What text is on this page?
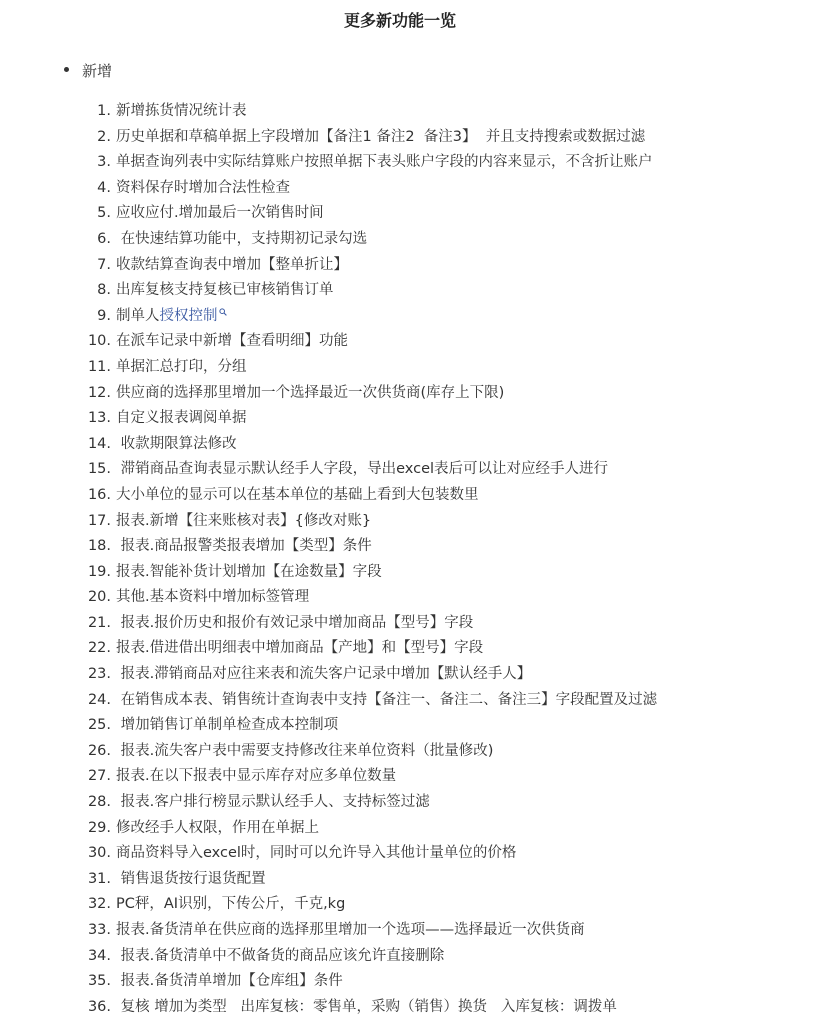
更多新功能一览
新增
1. 新增拣货情况统计表
2. 历史单据和草稿单据上字段增加【备注1 备注2  备注3】  并且支持搜索或数据过滤
3. 单据查询列表中实际结算账户按照单据下表头账户字段的内容来显示，不含折让账户
4. 资料保存时增加合法性检查
5. 应收应付.增加最后一次销售时间
6. 在快速结算功能中，支持期初记录勾选
7. 收款结算查询表中增加【整单折让】
8. 出库复核支持复核已审核销售订单
9. 制单人授权控制
10. 在派车记录中新增【查看明细】功能
11. 单据汇总打印，分组
12. 供应商的选择那里增加一个选择最近一次供货商(库存上下限)
13. 自定义报表调阅单据
14. 收款期限算法修改
15. 滞销商品查询表显示默认经手人字段，导出excel表后可以让对应经手人进行
16. 大小单位的显示可以在基本单位的基础上看到大包装数里
17. 报表.新增【往来账核对表】{修改对账}
18. 报表.商品报警类报表增加【类型】条件
19. 报表.智能补货计划增加【在途数量】字段
20. 其他.基本资料中增加标签管理
21. 报表.报价历史和报价有效记录中增加商品【型号】字段
22. 报表.借进借出明细表中增加商品【产地】和【型号】字段
23. 报表.滞销商品对应往来表和流失客户记录中增加【默认经手人】
24. 在销售成本表、销售统计查询表中支持【备注一、备注二、备注三】字段配置及过滤
25. 增加销售订单制单检查成本控制项
26. 报表.流失客户表中需要支持修改往来单位资料（批量修改)
27. 报表.在以下报表中显示库存对应多单位数量
28. 报表.客户排行榜显示默认经手人、支持标签过滤
29. 修改经手人权限，作用在单据上
30. 商品资料导入excel时，同时可以允许导入其他计量单位的价格
31. 销售退货按行退货配置
32. PC秤，AI识别，下传公斤，千克,kg
33. 报表.备货清单在供应商的选择那里增加一个选项——选择最近一次供货商
34. 报表.备货清单中不做备货的商品应该允许直接删除
35. 报表.备货清单增加【仓库组】条件
36. 复核 增加为类型   出库复核：零售单，采购（销售）换货   入库复核：调拨单
